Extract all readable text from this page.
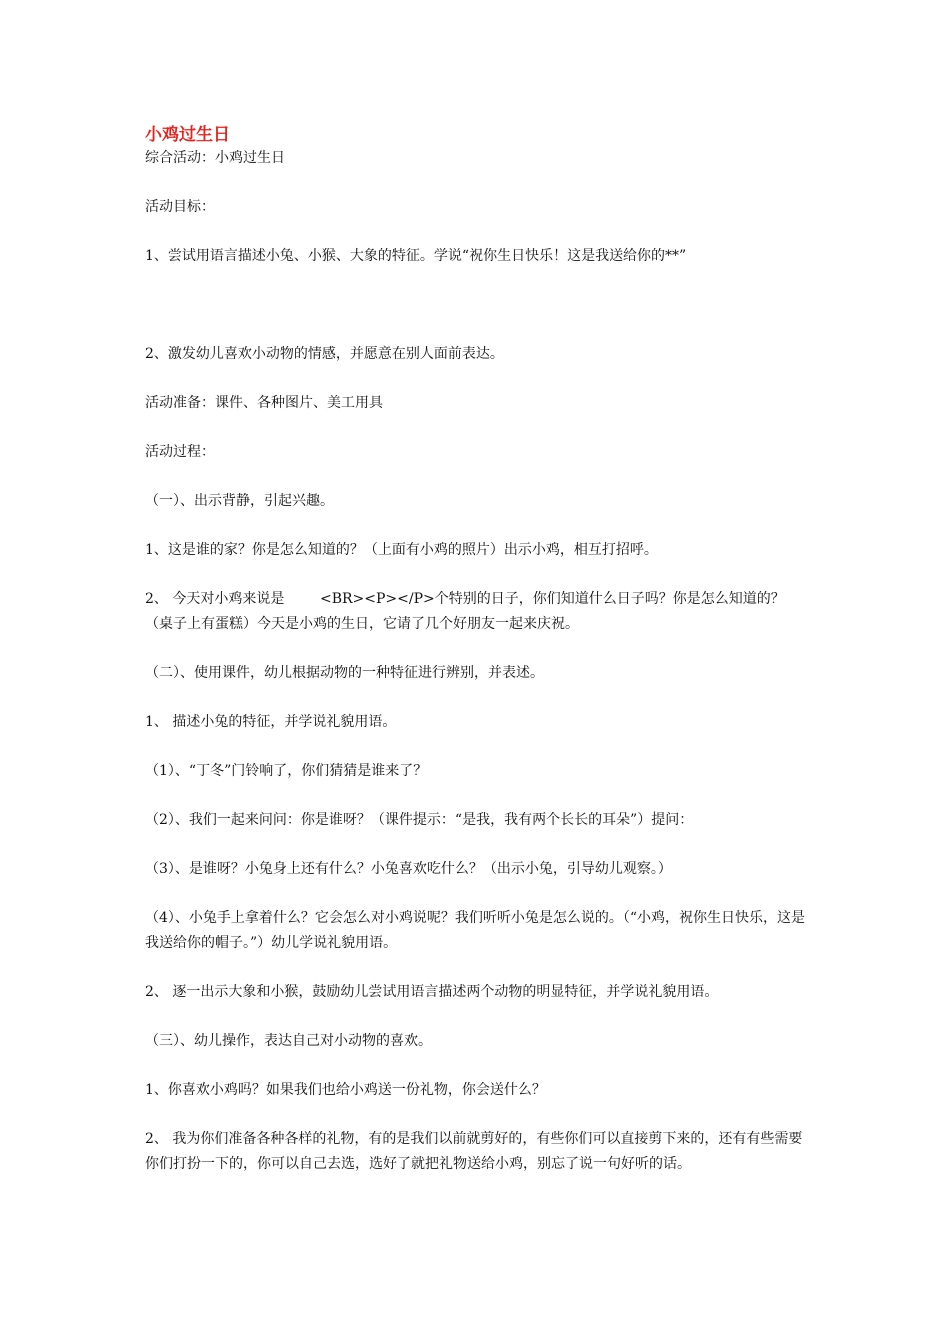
小鸡过生日

综合活动：小鸡过生日

活动目标：

1、尝试用语言描述小兔、小猴、大象的特征。学说“祝你生日快乐！这是我送给你的**”

2、激发幼儿喜欢小动物的情感，并愿意在别人面前表达。

活动准备：课件、各种图片、美工用具

活动过程：

（一）、出示背静，引起兴趣。

1、这是谁的家？你是怎么知道的？（上面有小鸡的照片）出示小鸡，相互打招呼。

2、 今天对小鸡来说是        <BR><P></P>个特别的日子，你们知道什么日子吗？你是怎么知道的？（桌子上有蛋糕）今天是小鸡的生日，它请了几个好朋友一起来庆祝。

（二）、使用课件，幼儿根据动物的一种特征进行辨别，并表述。

1、 描述小兔的特征，并学说礼貌用语。

（1）、“丁冬”门铃响了，你们猜猜是谁来了？

（2）、我们一起来问问：你是谁呀？（课件提示：“是我，我有两个长长的耳朵”）提问：

（3）、是谁呀？小兔身上还有什么？小兔喜欢吃什么？（出示小兔，引导幼儿观察。）

（4）、小兔手上拿着什么？它会怎么对小鸡说呢？我们听听小兔是怎么说的。（“小鸡，祝你生日快乐，这是我送给你的帽子。”）幼儿学说礼貌用语。

2、 逐一出示大象和小猴，鼓励幼儿尝试用语言描述两个动物的明显特征，并学说礼貌用语。

（三）、幼儿操作，表达自己对小动物的喜欢。

1、你喜欢小鸡吗？如果我们也给小鸡送一份礼物，你会送什么？

2、 我为你们准备各种各样的礼物，有的是我们以前就剪好的，有些你们可以直接剪下来的，还有有些需要你们打扮一下的，你可以自己去选，选好了就把礼物送给小鸡，别忘了说一句好听的话。
